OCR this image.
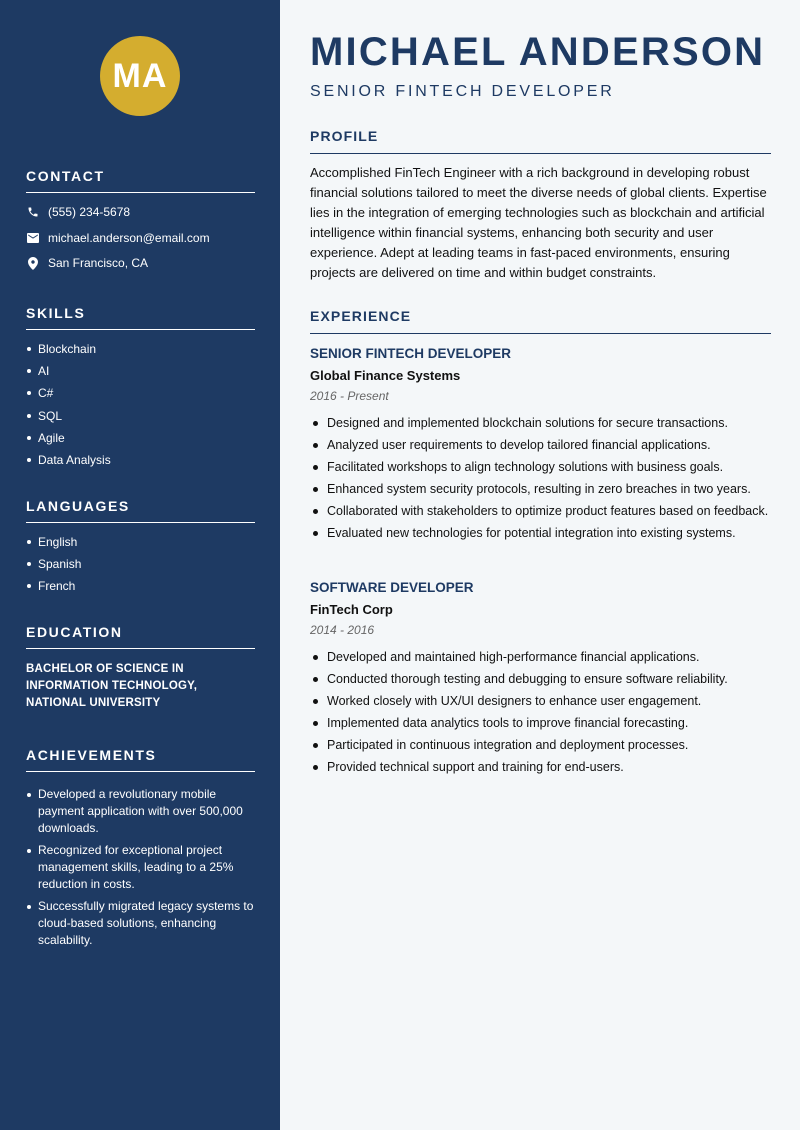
MA
CONTACT
(555) 234-5678
michael.anderson@email.com
San Francisco, CA
SKILLS
Blockchain
AI
C#
SQL
Agile
Data Analysis
LANGUAGES
English
Spanish
French
EDUCATION
BACHELOR OF SCIENCE IN INFORMATION TECHNOLOGY, NATIONAL UNIVERSITY
ACHIEVEMENTS
Developed a revolutionary mobile payment application with over 500,000 downloads.
Recognized for exceptional project management skills, leading to a 25% reduction in costs.
Successfully migrated legacy systems to cloud-based solutions, enhancing scalability.
MICHAEL ANDERSON
SENIOR FINTECH DEVELOPER
PROFILE
Accomplished FinTech Engineer with a rich background in developing robust financial solutions tailored to meet the diverse needs of global clients. Expertise lies in the integration of emerging technologies such as blockchain and artificial intelligence within financial systems, enhancing both security and user experience. Adept at leading teams in fast-paced environments, ensuring projects are delivered on time and within budget constraints.
EXPERIENCE
SENIOR FINTECH DEVELOPER
Global Finance Systems
2016 - Present
Designed and implemented blockchain solutions for secure transactions.
Analyzed user requirements to develop tailored financial applications.
Facilitated workshops to align technology solutions with business goals.
Enhanced system security protocols, resulting in zero breaches in two years.
Collaborated with stakeholders to optimize product features based on feedback.
Evaluated new technologies for potential integration into existing systems.
SOFTWARE DEVELOPER
FinTech Corp
2014 - 2016
Developed and maintained high-performance financial applications.
Conducted thorough testing and debugging to ensure software reliability.
Worked closely with UX/UI designers to enhance user engagement.
Implemented data analytics tools to improve financial forecasting.
Participated in continuous integration and deployment processes.
Provided technical support and training for end-users.
